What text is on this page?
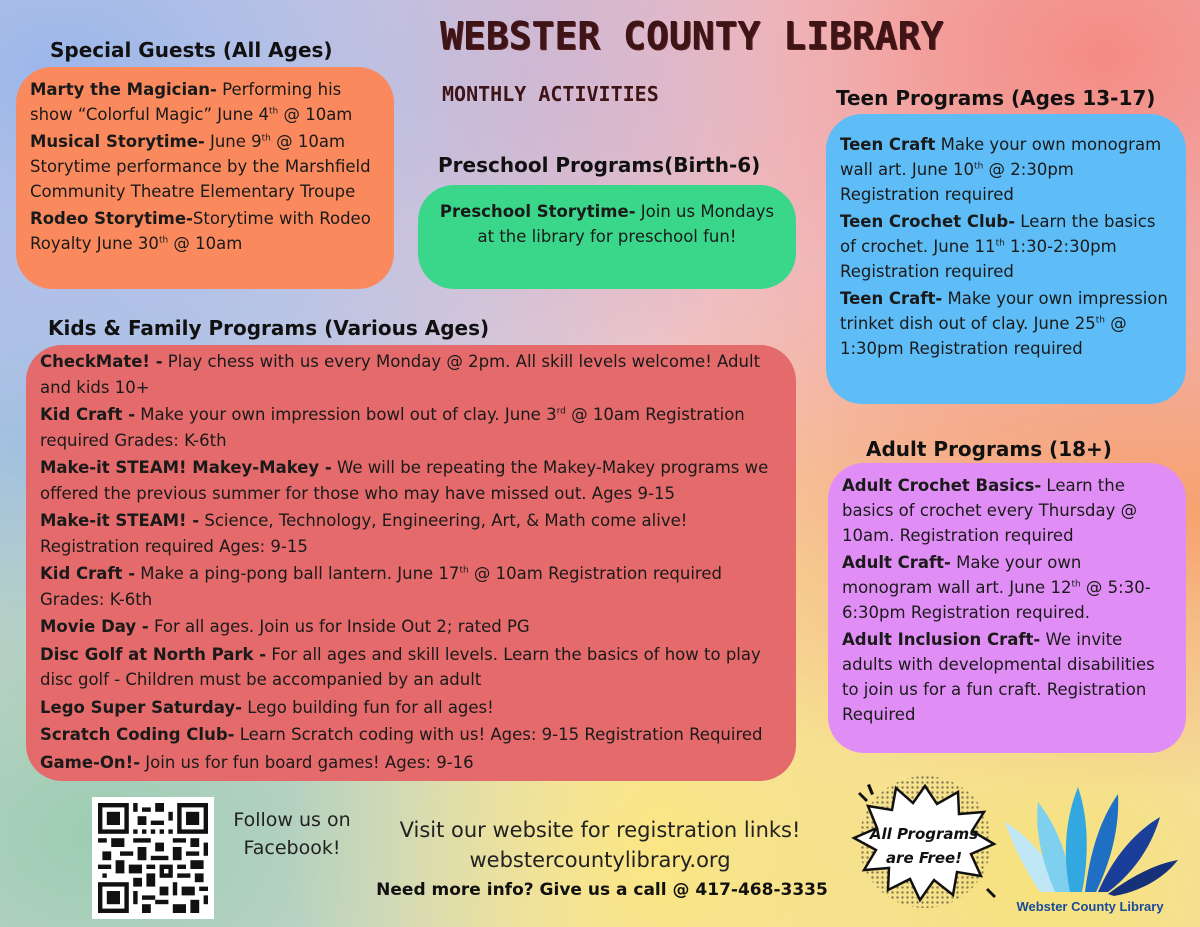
WEBSTER COUNTY LIBRARY
MONTHLY ACTIVITIES
Special Guests (All Ages)

Marty the Magician- Performing his show “Colorful Magic” June 4th @ 10am

Musical Storytime- June 9th @ 10am Storytime performance by the Marshfield Community Theatre Elementary Troupe

Rodeo Storytime-Storytime with Rodeo Royalty June 30th @ 10am

Preschool Programs(Birth-6)

Preschool Storytime- Join us Mondays at the library for preschool fun!

Teen Programs (Ages 13-17)

Teen Craft Make your own monogram wall art. June 10th @ 2:30pm Registration required

Teen Crochet Club- Learn the basics of crochet. June 11th 1:30-2:30pm Registration required

Teen Craft- Make your own impression trinket dish out of clay. June 25th @ 1:30pm Registration required

Kids & Family Programs (Various Ages)

CheckMate! - Play chess with us every Monday @ 2pm. All skill levels welcome! Adult and kids 10+

Kid Craft - Make your own impression bowl out of clay. June 3rd @ 10am Registration required Grades: K-6th

Make-it STEAM! Makey-Makey - We will be repeating the Makey-Makey programs we offered the previous summer for those who may have missed out. Ages 9-15

Make-it STEAM! - Science, Technology, Engineering, Art, & Math come alive! Registration required Ages: 9-15

Kid Craft - Make a ping-pong ball lantern. June 17th @ 10am Registration required Grades: K-6th

Movie Day - For all ages. Join us for Inside Out 2; rated PG

Disc Golf at North Park - For all ages and skill levels. Learn the basics of how to play disc golf - Children must be accompanied by an adult

Lego Super Saturday- Lego building fun for all ages!

Scratch Coding Club- Learn Scratch coding with us! Ages: 9-15 Registration Required

Game-On!- Join us for fun board games! Ages: 9-16

Adult Programs (18+)

Adult Crochet Basics- Learn the basics of crochet every Thursday @ 10am. Registration required

Adult Craft- Make your own monogram wall art. June 12th @ 5:30-6:30pm Registration required.

Adult Inclusion Craft- We invite adults with developmental disabilities to join us for a fun craft. Registration Required

Follow us on
Facebook!
Visit our website for registration links!
webstercountylibrary.org
Need more info? Give us a call @ 417-468-3335
All Programs
are Free!
Webster County Library
